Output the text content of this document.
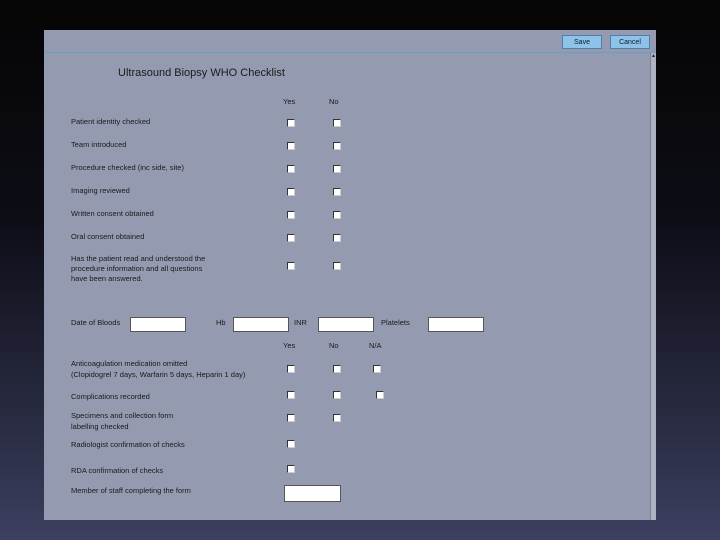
Save	Cancel
▲
Ultrasound Biopsy WHO Checklist
Yes	No
Patient identity checked
Team introduced
Procedure checked (inc side, site)
Imaging reviewed
Written consent obtained
Oral consent obtained
Has the patient read and understood the
procedure information and all questions
have been answered.
Date of Bloods	Hb	INR	Platelets
Yes	No	N/A
Anticoagulation medication omitted
(Clopidogrel 7 days, Warfarin 5 days, Heparin 1 day)
Complications recorded
Specimens and collection form
labelling checked
Radiologist confirmation of checks
RDA confirmation of checks
Member of staff completing the form
